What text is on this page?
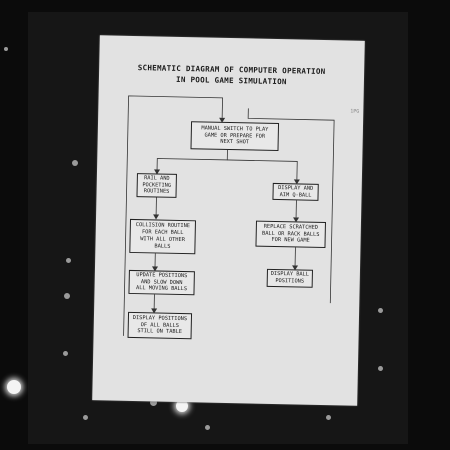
SCHEMATIC DIAGRAM OF COMPUTER OPERATION
IN POOL GAME SIMULATION
1PG
MANUAL SWITCH TO PLAY
GAME OR PREPARE FOR
NEXT SHOT
RAIL AND
POCKETING
ROUTINES
COLLISION ROUTINE
FOR EACH BALL
WITH ALL OTHER
BALLS
UPDATE POSITIONS
AND SLOW DOWN
ALL MOVING BALLS
DISPLAY POSITIONS
OF ALL BALLS
STILL ON TABLE
DISPLAY AND
AIM Q-BALL
REPLACE SCRATCHED
BALL OR RACK BALLS
FOR NEW GAME
DISPLAY BALL
POSITIONS
